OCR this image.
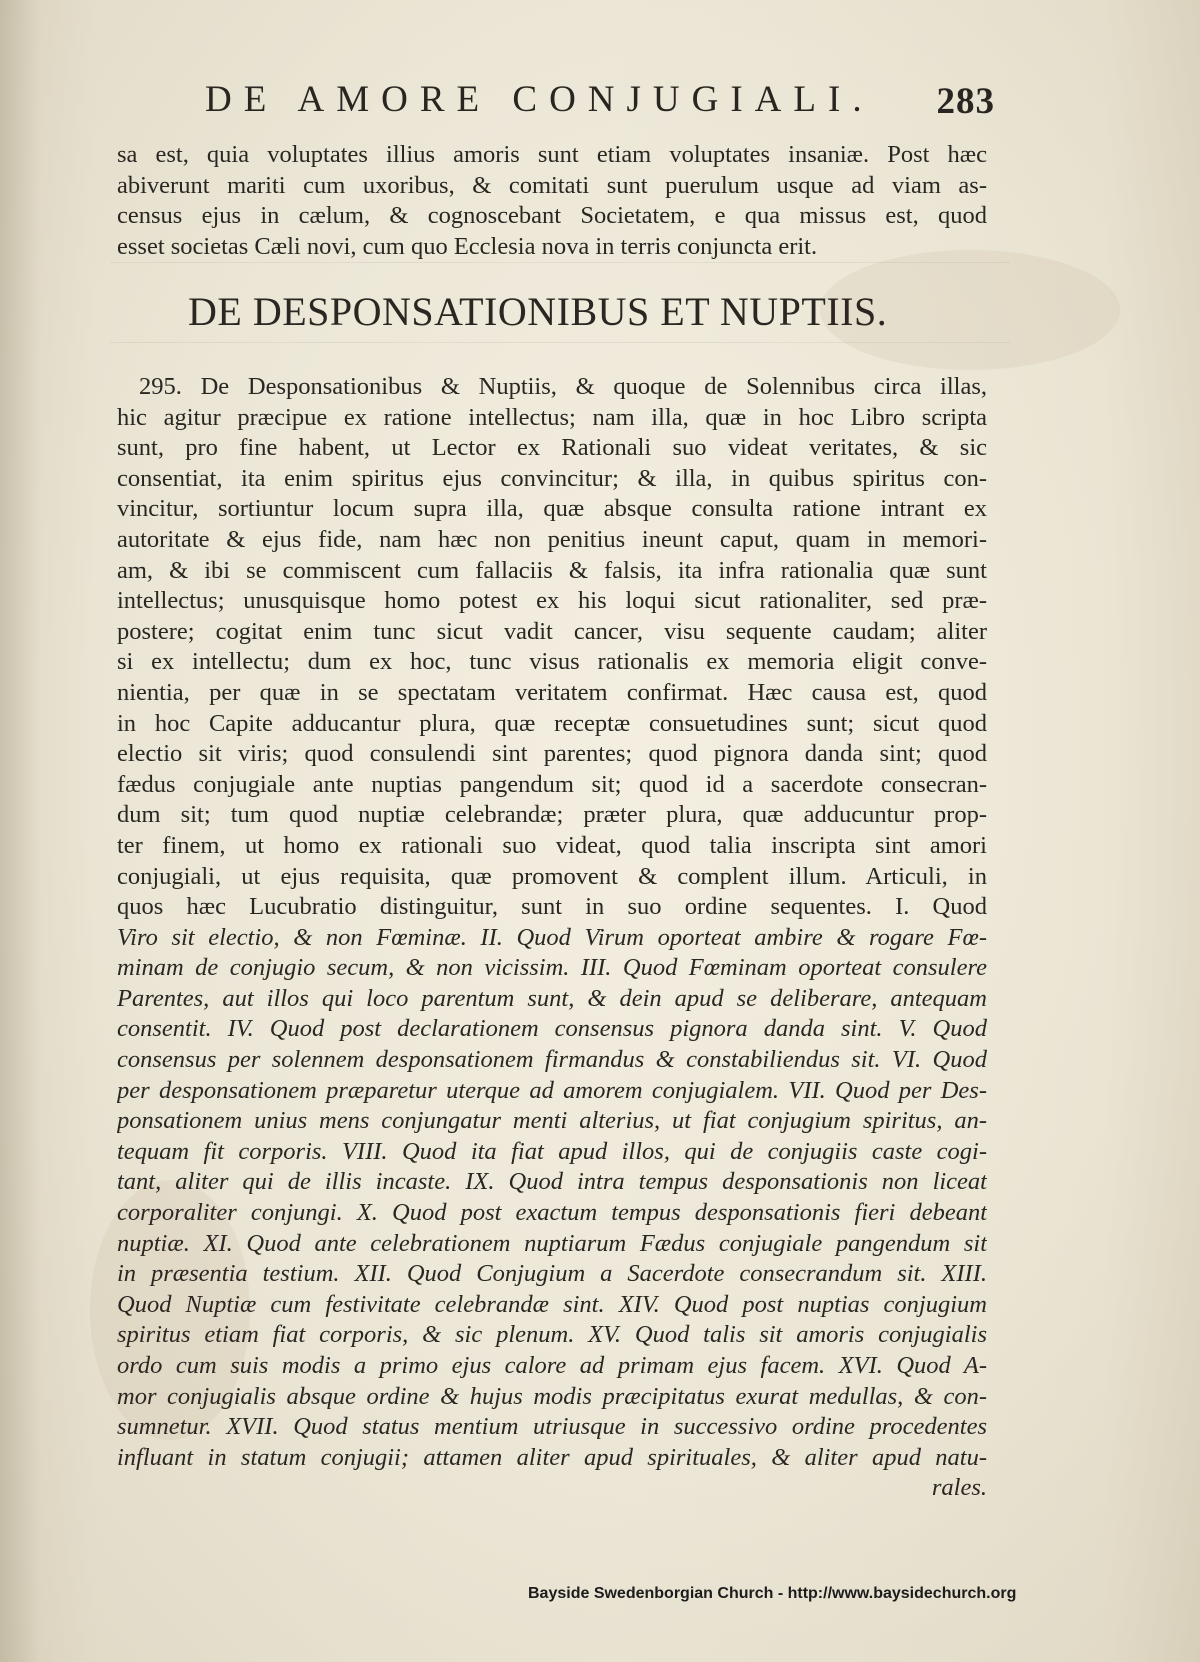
DE AMORE CONJUGIALI. 283
sa est, quia voluptates illius amoris sunt etiam voluptates insaniæ. Post hæc
abiverunt mariti cum uxoribus, & comitati sunt puerulum usque ad viam as-
census ejus in cælum, & cognoscebant Societatem, e qua missus est, quod
esset societas Cæli novi, cum quo Ecclesia nova in terris conjuncta erit.
DE DESPONSATIONIBUS ET NUPTIIS.
295. De Desponsationibus & Nuptiis, & quoque de Solennibus circa illas,
hic agitur præcipue ex ratione intellectus; nam illa, quæ in hoc Libro scripta
sunt, pro fine habent, ut Lector ex Rationali suo videat veritates, & sic
consentiat, ita enim spiritus ejus convincitur; & illa, in quibus spiritus con-
vincitur, sortiuntur locum supra illa, quæ absque consulta ratione intrant ex
autoritate & ejus fide, nam hæc non penitius ineunt caput, quam in memori-
am, & ibi se commiscent cum fallaciis & falsis, ita infra rationalia quæ sunt
intellectus; unusquisque homo potest ex his loqui sicut rationaliter, sed præ-
postere; cogitat enim tunc sicut vadit cancer, visu sequente caudam; aliter
si ex intellectu; dum ex hoc, tunc visus rationalis ex memoria eligit conve-
nientia, per quæ in se spectatam veritatem confirmat. Hæc causa est, quod
in hoc Capite adducantur plura, quæ receptæ consuetudines sunt; sicut quod
electio sit viris; quod consulendi sint parentes; quod pignora danda sint; quod
fædus conjugiale ante nuptias pangendum sit; quod id a sacerdote consecran-
dum sit; tum quod nuptiæ celebrandæ; præter plura, quæ adducuntur prop-
ter finem, ut homo ex rationali suo videat, quod talia inscripta sint amori
conjugiali, ut ejus requisita, quæ promovent & complent illum. Articuli, in
quos hæc Lucubratio distinguitur, sunt in suo ordine sequentes. I. Quod
Viro sit electio, & non Fœminæ. II. Quod Virum oporteat ambire & rogare Fœ-
minam de conjugio secum, & non vicissim. III. Quod Fœminam oporteat consulere
Parentes, aut illos qui loco parentum sunt, & dein apud se deliberare, antequam
consentit. IV. Quod post declarationem consensus pignora danda sint. V. Quod
consensus per solennem desponsationem firmandus & constabiliendus sit. VI. Quod
per desponsationem præparetur uterque ad amorem conjugialem. VII. Quod per Des-
ponsationem unius mens conjungatur menti alterius, ut fiat conjugium spiritus, an-
tequam fit corporis. VIII. Quod ita fiat apud illos, qui de conjugiis caste cogi-
tant, aliter qui de illis incaste. IX. Quod intra tempus desponsationis non liceat
corporaliter conjungi. X. Quod post exactum tempus desponsationis fieri debeant
nuptiæ. XI. Quod ante celebrationem nuptiarum Fædus conjugiale pangendum sit
in præsentia testium. XII. Quod Conjugium a Sacerdote consecrandum sit. XIII.
Quod Nuptiæ cum festivitate celebrandæ sint. XIV. Quod post nuptias conjugium
spiritus etiam fiat corporis, & sic plenum. XV. Quod talis sit amoris conjugialis
ordo cum suis modis a primo ejus calore ad primam ejus facem. XVI. Quod A-
mor conjugialis absque ordine & hujus modis præcipitatus exurat medullas, & con-
sumnetur. XVII. Quod status mentium utriusque in successivo ordine procedentes
influant in statum conjugii; attamen aliter apud spirituales, & aliter apud natu-
rales.
Bayside Swedenborgian Church - http://www.baysidechurch.org
